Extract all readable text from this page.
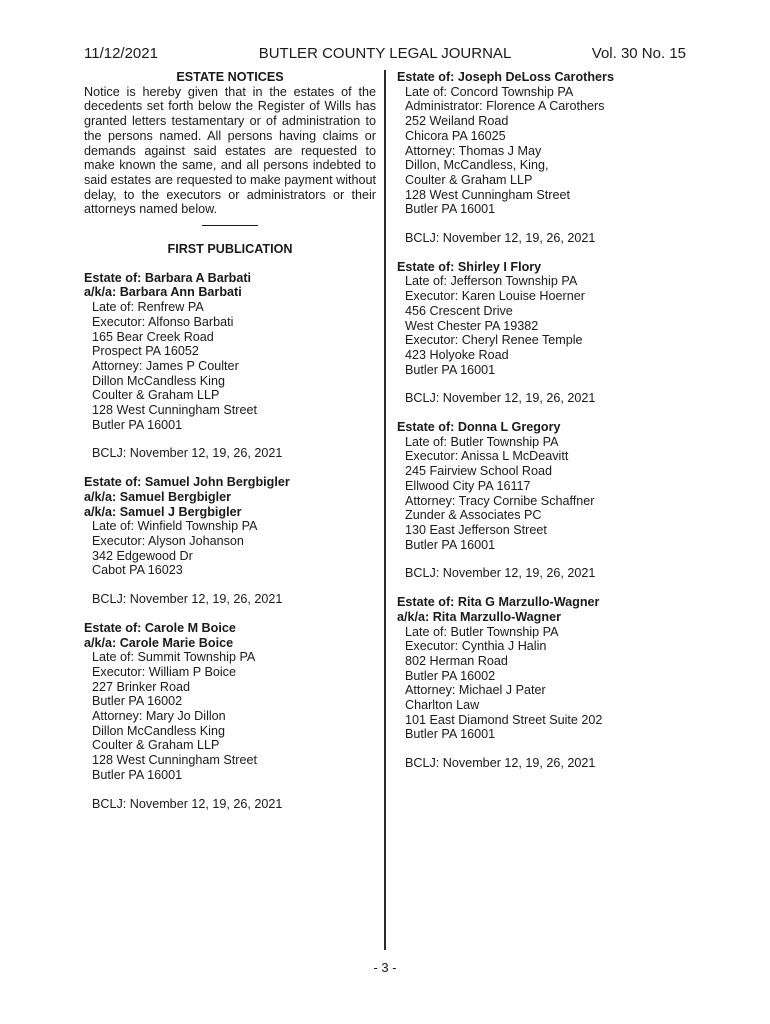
11/12/2021	BUTLER COUNTY LEGAL JOURNAL	Vol. 30 No. 15
ESTATE NOTICES

Notice is hereby given that in the estates of the decedents set forth below the Register of Wills has granted letters testamentary or of administration to the persons named. All persons having claims or demands against said estates are requested to make known the same, and all persons indebted to said estates are requested to make payment without delay, to the executors or administrators or their attorneys named below.

FIRST PUBLICATION
Estate of: Barbara A Barbati
a/k/a: Barbara Ann Barbati
Late of: Renfrew PA
Executor: Alfonso Barbati
165 Bear Creek Road
Prospect PA 16052
Attorney: James P Coulter
Dillon McCandless King
Coulter & Graham LLP
128 West Cunningham Street
Butler PA 16001
BCLJ: November 12, 19, 26, 2021
Estate of: Samuel John Bergbigler
a/k/a: Samuel Bergbigler
a/k/a: Samuel J Bergbigler
Late of: Winfield Township PA
Executor: Alyson Johanson
342 Edgewood Dr
Cabot PA 16023
BCLJ: November 12, 19, 26, 2021
Estate of: Carole M Boice
a/k/a: Carole Marie Boice
Late of: Summit Township PA
Executor: William P Boice
227 Brinker Road
Butler PA 16002
Attorney: Mary Jo Dillon
Dillon McCandless King
Coulter & Graham LLP
128 West Cunningham Street
Butler PA 16001
BCLJ: November 12, 19, 26, 2021
Estate of: Joseph DeLoss Carothers
Late of: Concord Township PA
Administrator: Florence A Carothers
252 Weiland Road
Chicora PA 16025
Attorney: Thomas J May
Dillon, McCandless, King,
Coulter & Graham LLP
128 West Cunningham Street
Butler PA 16001
BCLJ: November 12, 19, 26, 2021
Estate of: Shirley I Flory
Late of: Jefferson Township PA
Executor: Karen Louise Hoerner
456 Crescent Drive
West Chester PA 19382
Executor: Cheryl Renee Temple
423 Holyoke Road
Butler PA 16001
BCLJ: November 12, 19, 26, 2021
Estate of: Donna L Gregory
Late of: Butler Township PA
Executor: Anissa L McDeavitt
245 Fairview School Road
Ellwood City PA 16117
Attorney: Tracy Cornibe Schaffner
Zunder & Associates PC
130 East Jefferson Street
Butler PA 16001
BCLJ: November 12, 19, 26, 2021
Estate of: Rita G Marzullo-Wagner
a/k/a: Rita Marzullo-Wagner
Late of: Butler Township PA
Executor: Cynthia J Halin
802 Herman Road
Butler PA 16002
Attorney: Michael J Pater
Charlton Law
101 East Diamond Street Suite 202
Butler PA 16001
BCLJ: November 12, 19, 26, 2021
- 3 -
